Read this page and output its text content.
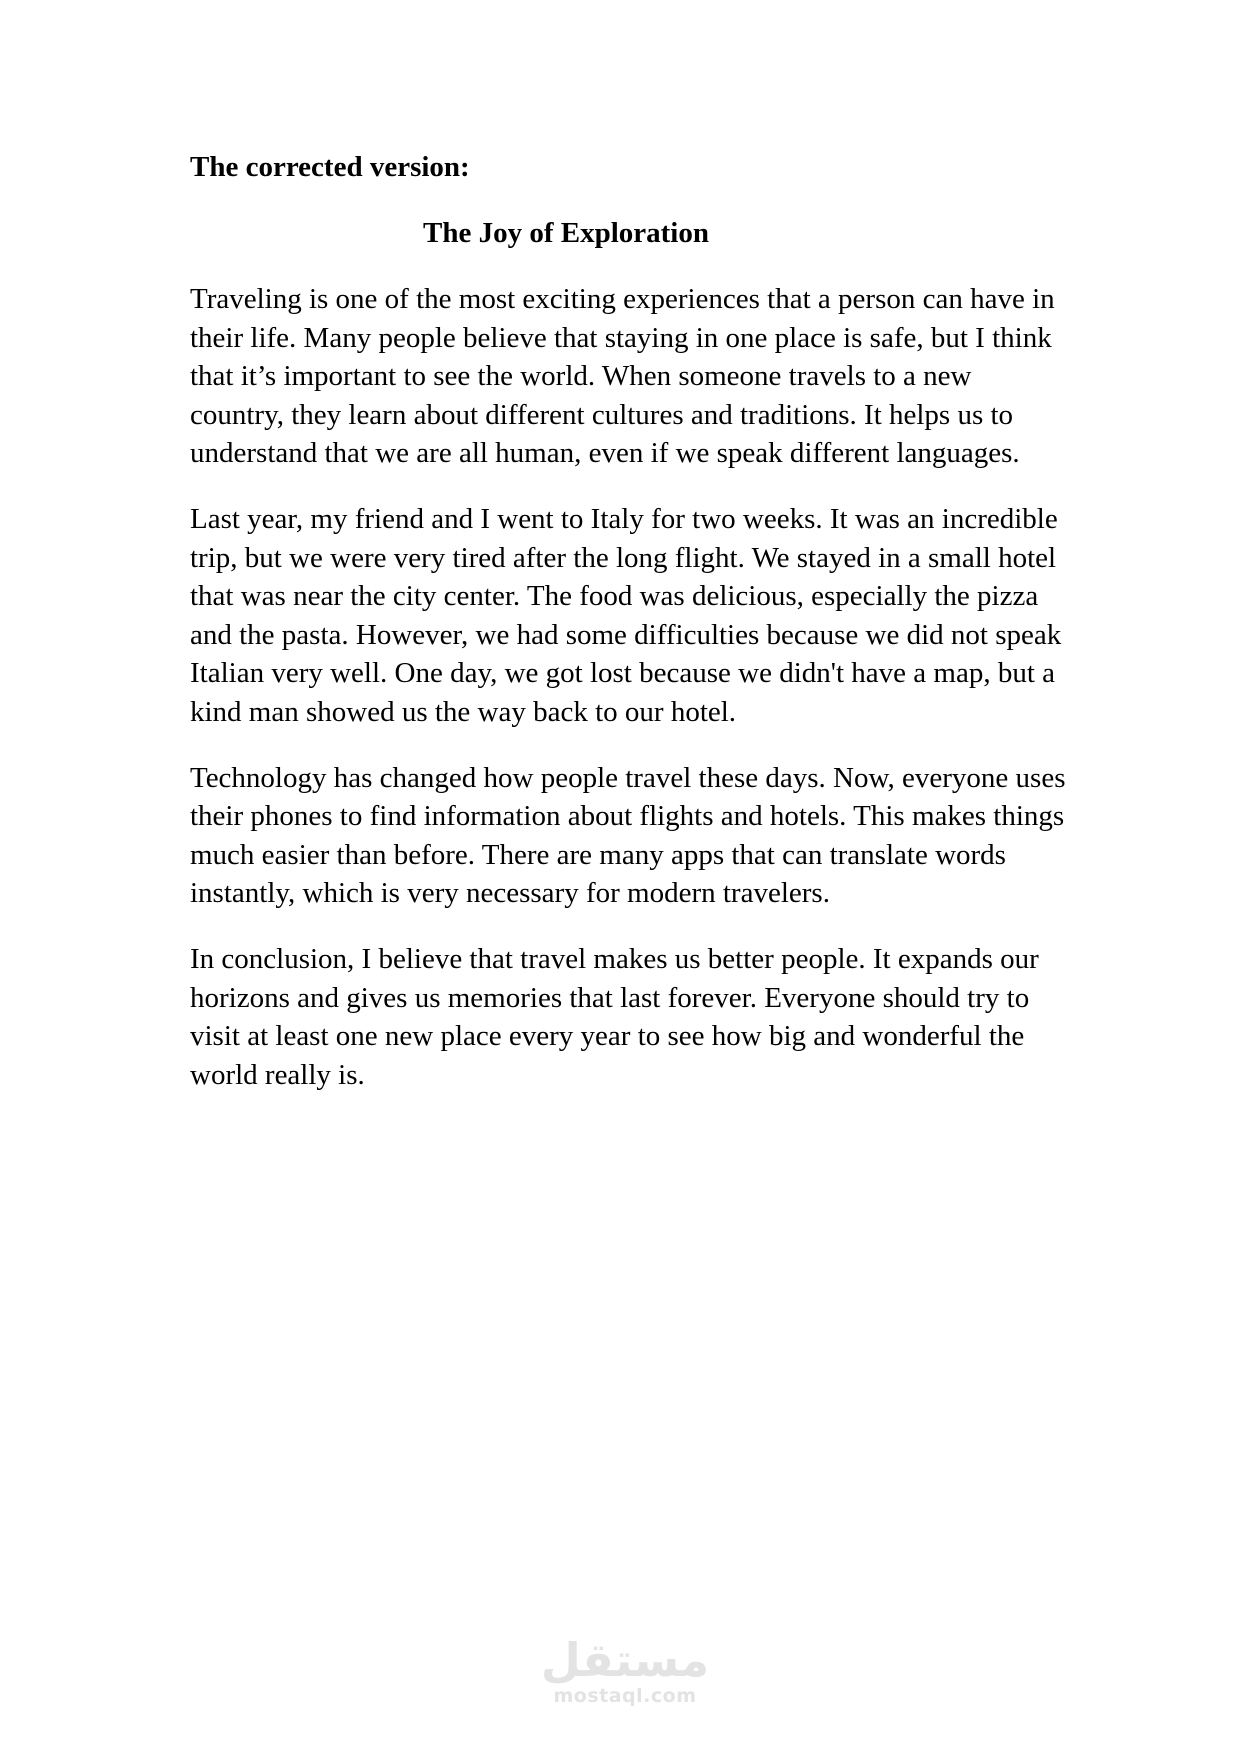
The corrected version:

The Joy of Exploration

Traveling is one of the most exciting experiences that a person can have in their life. Many people believe that staying in one place is safe, but I think that it’s important to see the world. When someone travels to a new country, they learn about different cultures and traditions. It helps us to understand that we are all human, even if we speak different languages.

Last year, my friend and I went to Italy for two weeks. It was an incredible trip, but we were very tired after the long flight. We stayed in a small hotel that was near the city center. The food was delicious, especially the pizza and the pasta. However, we had some difficulties because we did not speak Italian very well. One day, we got lost because we didn't have a map, but a kind man showed us the way back to our hotel.

Technology has changed how people travel these days. Now, everyone uses their phones to find information about flights and hotels. This makes things much easier than before. There are many apps that can translate words instantly, which is very necessary for modern travelers.

In conclusion, I believe that travel makes us better people. It expands our horizons and gives us memories that last forever. Everyone should try to visit at least one new place every year to see how big and wonderful the world really is.

مستقل
mostaql.com
